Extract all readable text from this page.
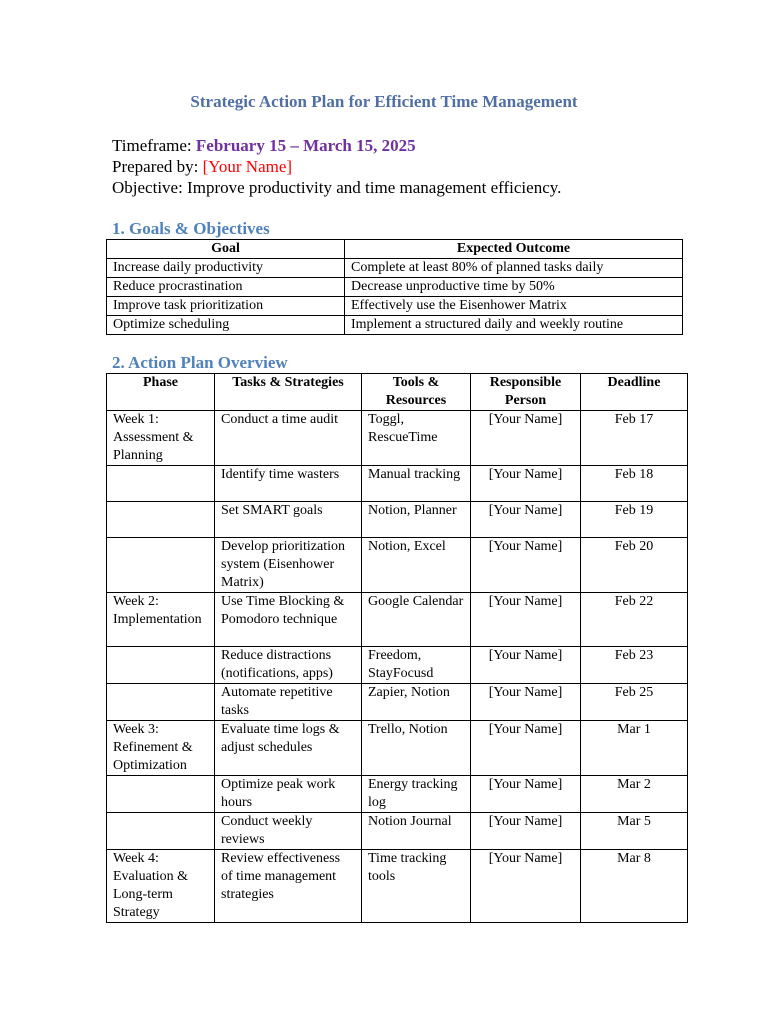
Strategic Action Plan for Efficient Time Management
Timeframe: February 15 – March 15, 2025
Prepared by: [Your Name]
Objective: Improve productivity and time management efficiency.
1. Goals & Objectives
Goal	Expected Outcome
Increase daily productivity	Complete at least 80% of planned tasks daily
Reduce procrastination	Decrease unproductive time by 50%
Improve task prioritization	Effectively use the Eisenhower Matrix
Optimize scheduling	Implement a structured daily and weekly routine
2. Action Plan Overview
Phase	Tasks & Strategies	Tools & Resources	Responsible Person	Deadline
Week 1: Assessment & Planning	Conduct a time audit	Toggl, RescueTime	[Your Name]	Feb 17
	Identify time wasters	Manual tracking	[Your Name]	Feb 18
	Set SMART goals	Notion, Planner	[Your Name]	Feb 19
	Develop prioritization system (Eisenhower Matrix)	Notion, Excel	[Your Name]	Feb 20
Week 2: Implementation	Use Time Blocking & Pomodoro technique	Google Calendar	[Your Name]	Feb 22
	Reduce distractions (notifications, apps)	Freedom, StayFocusd	[Your Name]	Feb 23
	Automate repetitive tasks	Zapier, Notion	[Your Name]	Feb 25
Week 3: Refinement & Optimization	Evaluate time logs & adjust schedules	Trello, Notion	[Your Name]	Mar 1
	Optimize peak work hours	Energy tracking log	[Your Name]	Mar 2
	Conduct weekly reviews	Notion Journal	[Your Name]	Mar 5
Week 4: Evaluation & Long-term Strategy	Review effectiveness of time management strategies	Time tracking tools	[Your Name]	Mar 8
